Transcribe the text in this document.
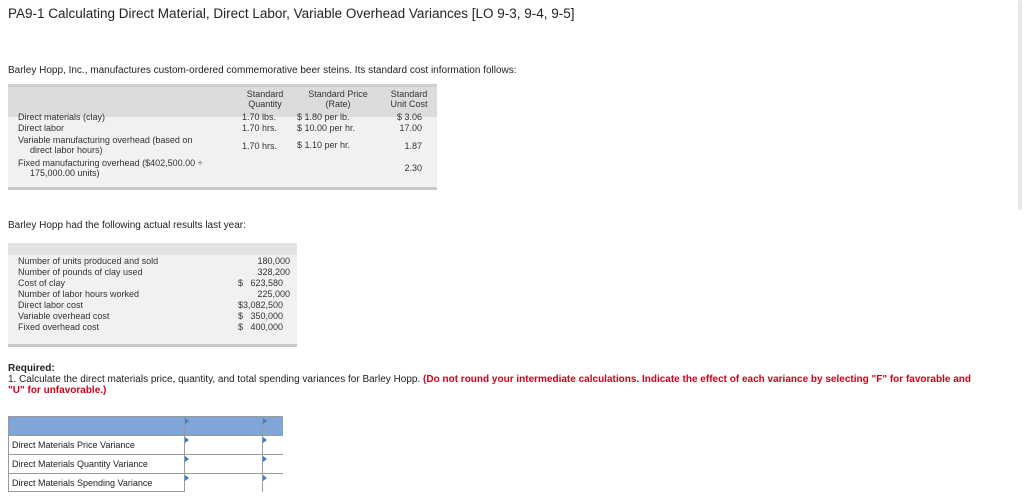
PA9-1 Calculating Direct Material, Direct Labor, Variable Overhead Variances [LO 9-3, 9-4, 9-5]
Barley Hopp, Inc., manufactures custom-ordered commemorative beer steins. Its standard cost information follows:
Standard
Quantity
Standard Price
(Rate)
Standard
Unit Cost
Direct materials (clay)	1.70 lbs. $ 1.80 per lb.	$ 3.06
Direct labor	1.70 hrs. $ 10.00 per hr.	17.00
Variable manufacturing overhead (based on
direct labor hours)	1.70 hrs. $ 1.10 per hr.	1.87
Fixed manufacturing overhead ($402,500.00 ÷
175,000.00 units)	2.30
Barley Hopp had the following actual results last year:
Number of units produced and sold	180,000
Number of pounds of clay used	328,200
Cost of clay	$   623,580
Number of labor hours worked	225,000
Direct labor cost	$3,082,500
Variable overhead cost	$   350,000
Fixed overhead cost	$   400,000
Required:
1. Calculate the direct materials price, quantity, and total spending variances for Barley Hopp. (Do not round your intermediate calculations. Indicate the effect of each variance by selecting "F" for favorable and "U" for unfavorable.)
Direct Materials Price Variance
Direct Materials Quantity Variance
Direct Materials Spending Variance
